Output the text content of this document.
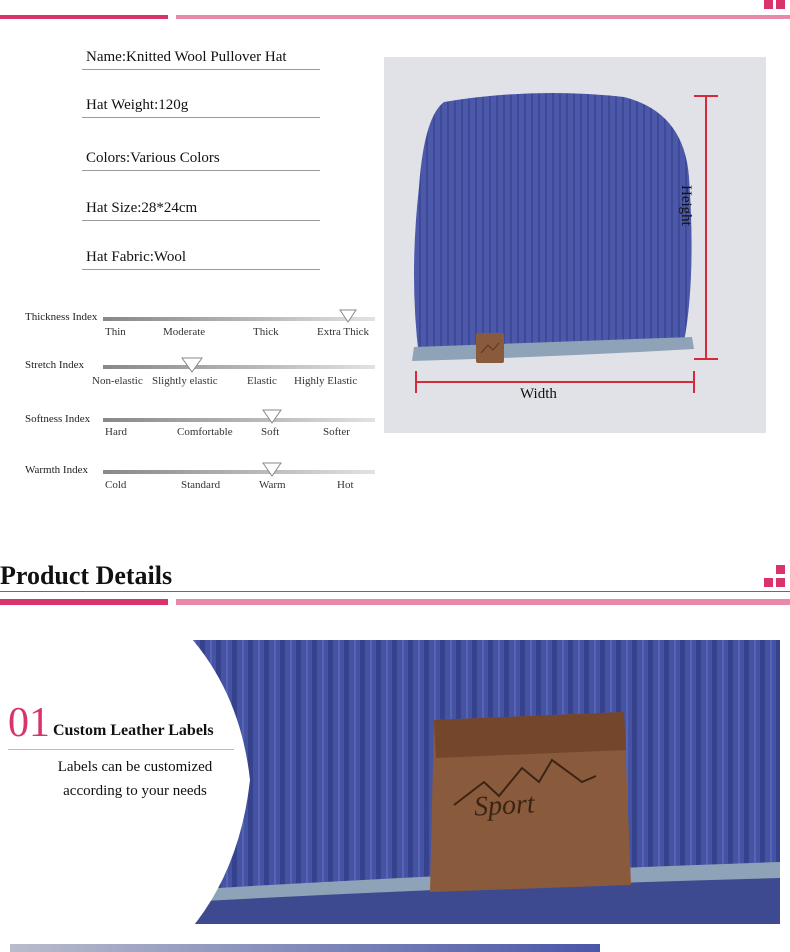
Name:Knitted Wool Pullover Hat
Hat Weight:120g
Colors:Various Colors
Hat Size:28*24cm
Hat Fabric:Wool
Thickness Index
Thin	Moderate	Thick	Extra Thick
Stretch Index
Non-elastic Slightly elastic	Elastic Highly Elastic
Softness Index
Hard	Comfortable	Soft	Softer
Warmth Index
Cold	Standard	Warm	Hot
Height
Width
Product Details
Sport
01 Custom Leather Labels
Labels can be customized
according to your needs
